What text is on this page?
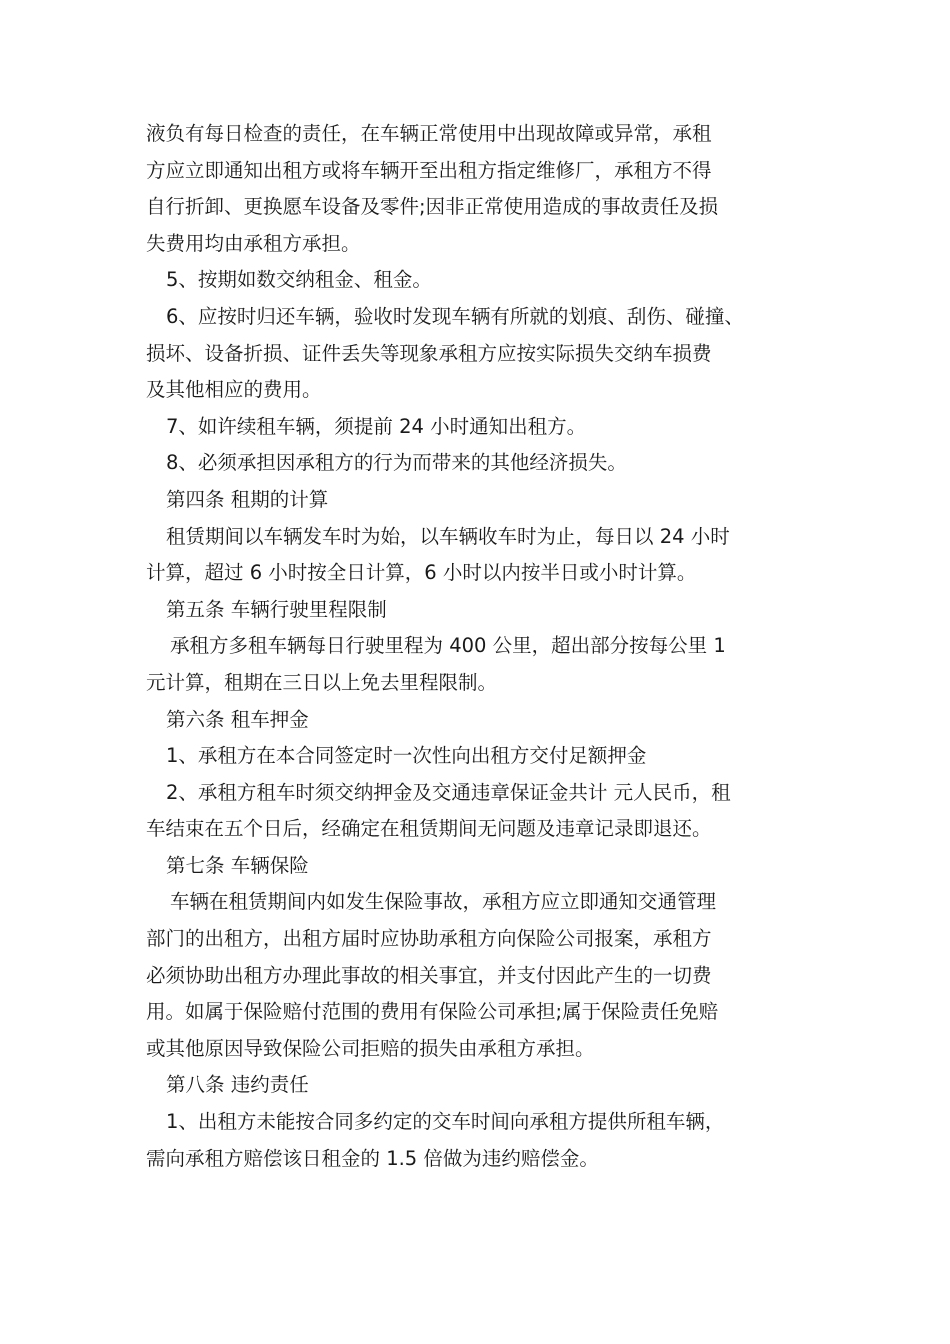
液负有每日检查的责任，在车辆正常使用中出现故障或异常，承租
方应立即通知出租方或将车辆开至出租方指定维修厂，承租方不得
自行折卸、更换愿车设备及零件;因非正常使用造成的事故责任及损
失费用均由承租方承担。

5、按期如数交纳租金、租金。

6、应按时归还车辆，验收时发现车辆有所就的划痕、刮伤、碰撞、
损坏、设备折损、证件丢失等现象承租方应按实际损失交纳车损费
及其他相应的费用。

7、如许续租车辆，须提前 24 小时通知出租方。

8、必须承担因承租方的行为而带来的其他经济损失。

第四条 租期的计算

租赁期间以车辆发车时为始，以车辆收车时为止，每日以 24 小时
计算，超过 6 小时按全日计算，6 小时以内按半日或小时计算。

第五条 车辆行驶里程限制

承租方多租车辆每日行驶里程为 400 公里，超出部分按每公里 1
元计算，租期在三日以上免去里程限制。

第六条 租车押金

1、承租方在本合同签定时一次性向出租方交付足额押金

2、承租方租车时须交纳押金及交通违章保证金共计 元人民币，租
车结束在五个日后，经确定在租赁期间无问题及违章记录即退还。

第七条 车辆保险

车辆在租赁期间内如发生保险事故，承租方应立即通知交通管理
部门的出租方，出租方届时应协助承租方向保险公司报案，承租方
必须协助出租方办理此事故的相关事宜，并支付因此产生的一切费
用。如属于保险赔付范围的费用有保险公司承担;属于保险责任免赔
或其他原因导致保险公司拒赔的损失由承租方承担。

第八条 违约责任

1、出租方未能按合同多约定的交车时间向承租方提供所租车辆，
需向承租方赔偿该日租金的 1.5 倍做为违约赔偿金。
